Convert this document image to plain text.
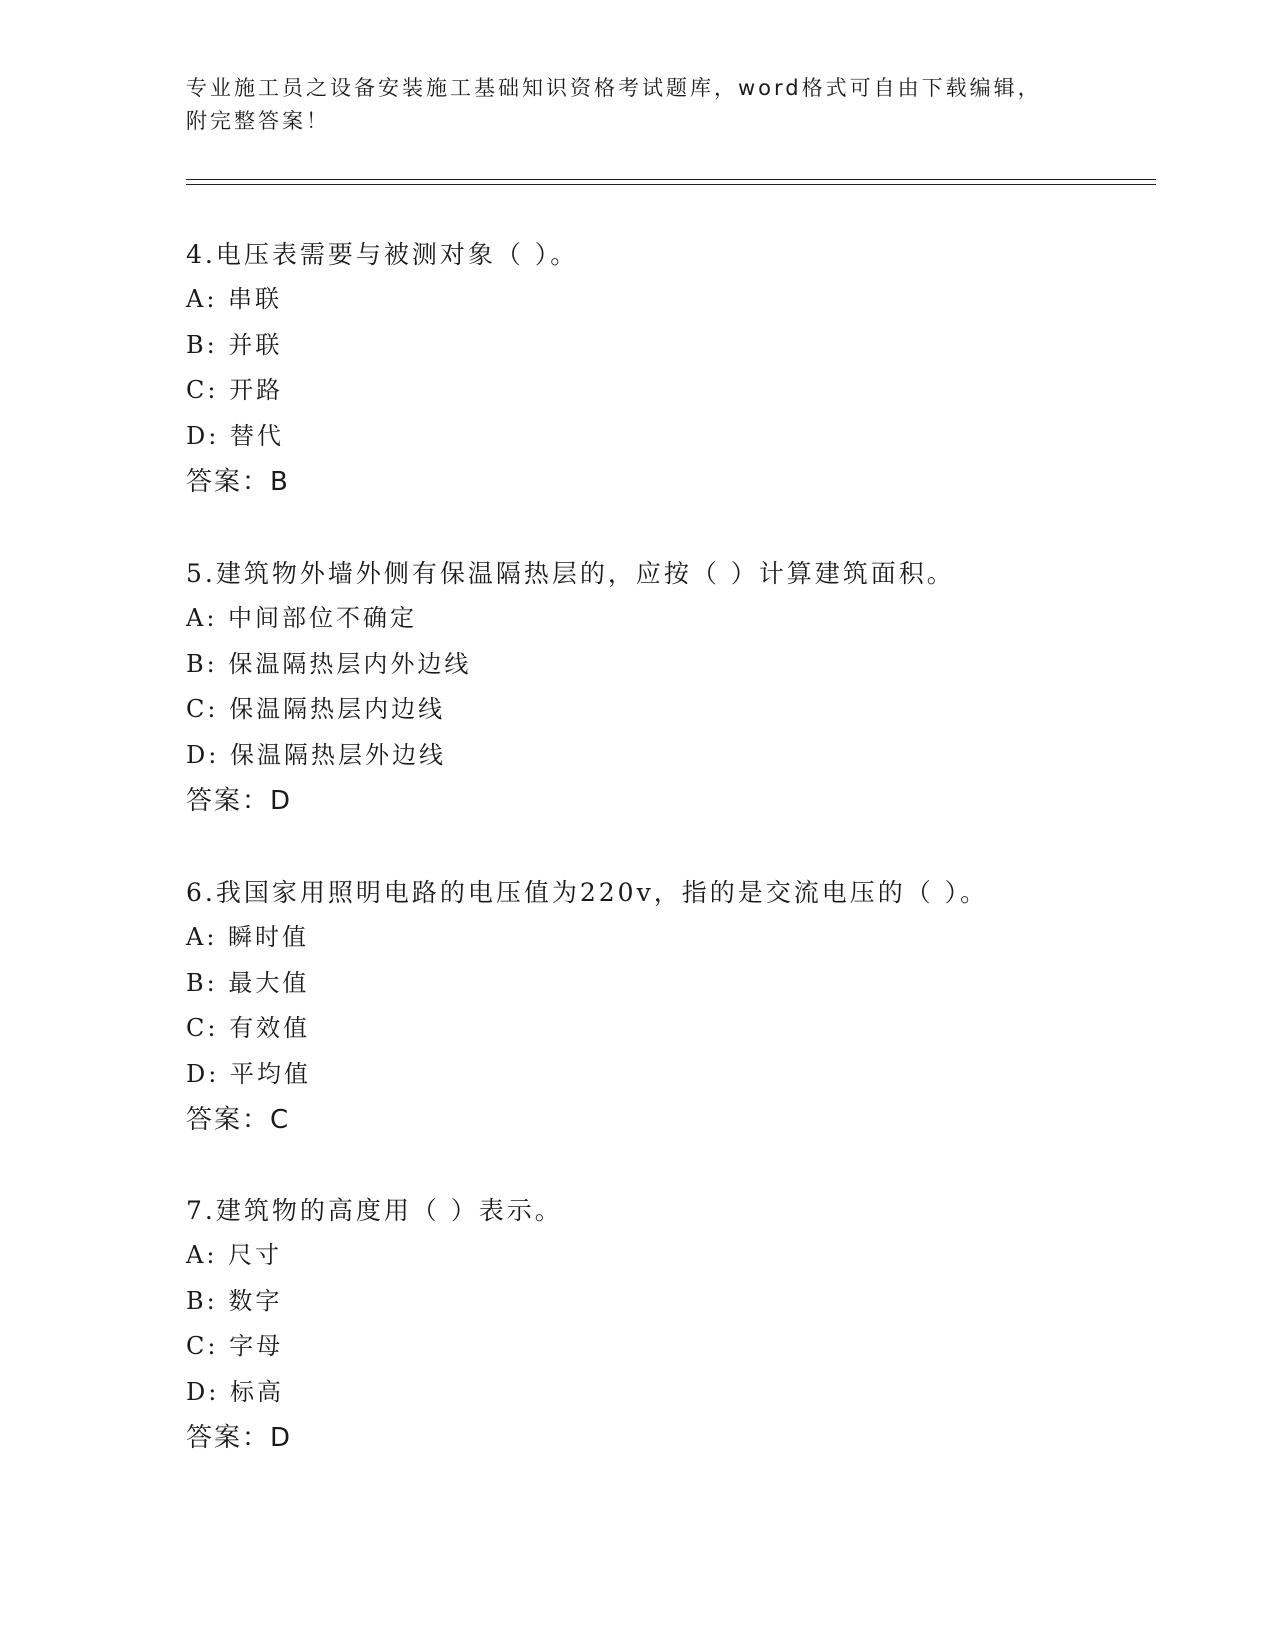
专业施工员之设备安装施工基础知识资格考试题库，word格式可自由下载编辑，
附完整答案！
4.电压表需要与被测对象（ ）。
A: 串联
B: 并联
C: 开路
D: 替代
答案：B
5.建筑物外墙外侧有保温隔热层的，应按（ ）计算建筑面积。
A: 中间部位不确定
B: 保温隔热层内外边线
C: 保温隔热层内边线
D: 保温隔热层外边线
答案：D
6.我国家用照明电路的电压值为220v，指的是交流电压的（ ）。
A: 瞬时值
B: 最大值
C: 有效值
D: 平均值
答案：C
7.建筑物的高度用（ ）表示。
A: 尺寸
B: 数字
C: 字母
D: 标高
答案：D
